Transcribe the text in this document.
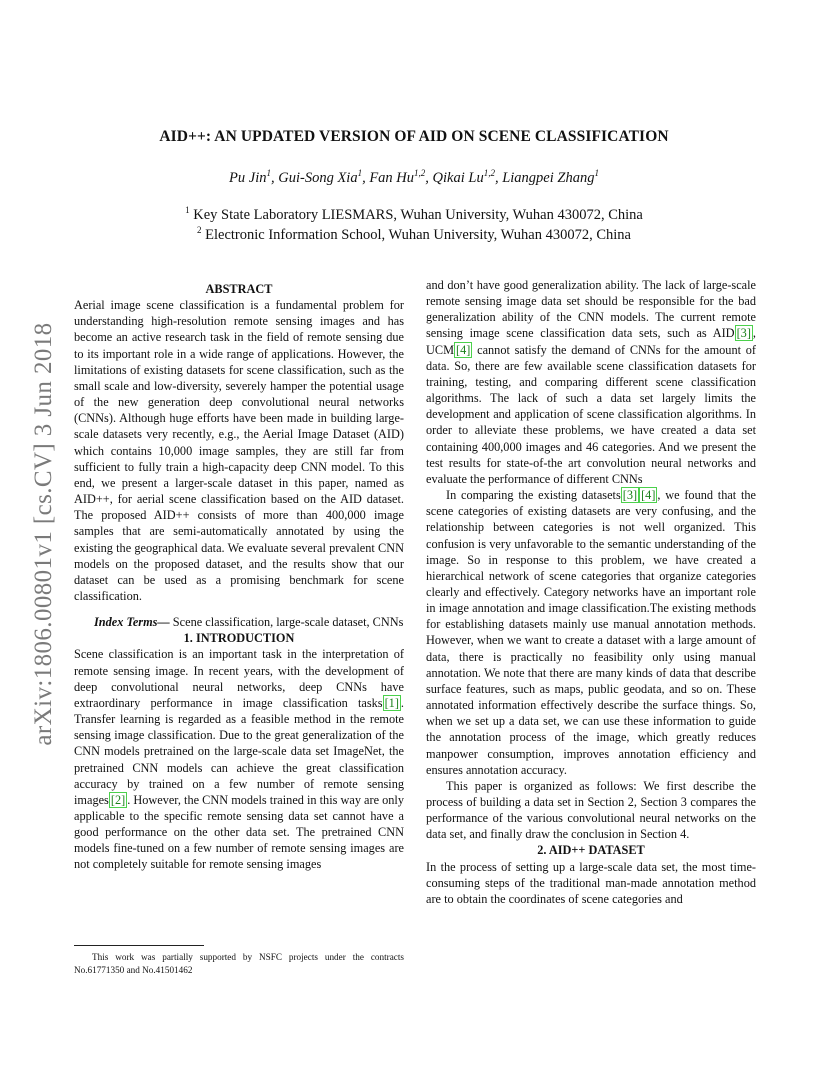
AID++: AN UPDATED VERSION OF AID ON SCENE CLASSIFICATION
Pu Jin$^1$, Gui-Song Xia$^1$, Fan Hu$^{1,2}$, Qikai Lu$^{1,2}$, Liangpei Zhang$^1$
$^1$ Key State Laboratory LIESMARS, Wuhan University, Wuhan 430072, China
$^2$ Electronic Information School, Wuhan University, Wuhan 430072, China
arXiv:1806.00801v1 [cs.CV] 3 Jun 2018

ABSTRACT

Aerial image scene classification is a fundamental problem for understanding high-resolution remote sensing images and has become an active research task in the field of remote sensing due to its important role in a wide range of applications. However, the limitations of existing datasets for scene classification, such as the small scale and low-diversity, severely hamper the potential usage of the new generation deep convolutional neural networks (CNNs). Although huge efforts have been made in building large-scale datasets very recently, e.g., the Aerial Image Dataset (AID) which contains 10,000 image samples, they are still far from sufficient to fully train a high-capacity deep CNN model. To this end, we present a larger-scale dataset in this paper, named as AID++, for aerial scene classification based on the AID dataset. The proposed AID++ consists of more than 400,000 image samples that are semi-automatically annotated by using the existing the geographical data. We evaluate several prevalent CNN models on the proposed dataset, and the results show that our dataset can be used as a promising benchmark for scene classification.

Index Terms— Scene classification, large-scale dataset, CNNs

1. INTRODUCTION

Scene classification is an important task in the interpretation of remote sensing image. In recent years, with the development of deep convolutional neural networks, deep CNNs have extraordinary performance in image classification tasks [1] . Transfer learning is regarded as a feasible method in the remote sensing image classification. Due to the great generalization of the CNN models pretrained on the large-scale data set ImageNet, the pretrained CNN models can achieve the great classification accuracy by trained on a few number of remote sensing images [2] . However, the CNN models trained in this way are only applicable to the specific remote sensing data set cannot have a good performance on the other data set. The pretrained CNN models fine-tuned on a few number of remote sensing images are not completely suitable for remote sensing images

This work was partially supported by NSFC projects under the contracts No.61771350 and No.41501462

and don’t have good generalization ability. The lack of large-scale remote sensing image data set should be responsible for the bad generalization ability of the CNN models. The current remote sensing image scene classification data sets, such as AID [3] , UCM [4] cannot satisfy the demand of CNNs for the amount of data. So, there are few available scene classification datasets for training, testing, and comparing different scene classification algorithms. The lack of such a data set largely limits the development and application of scene classification algorithms. In order to alleviate these problems, we have created a data set containing 400,000 images and 46 categories. And we present the test results for state-of-the art convolution neural networks and evaluate the performance of different CNNs

In comparing the existing datasets [3] [4] , we found that the scene categories of existing datasets are very confusing, and the relationship between categories is not well organized. This confusion is very unfavorable to the semantic understanding of the image. So in response to this problem, we have created a hierarchical network of scene categories that organize categories clearly and effectively. Category networks have an important role in image annotation and image classification.The existing methods for establishing datasets mainly use manual annotation methods. However, when we want to create a dataset with a large amount of data, there is practically no feasibility only using manual annotation. We note that there are many kinds of data that describe surface features, such as maps, public geodata, and so on. These annotated information effectively describe the surface things. So, when we set up a data set, we can use these information to guide the annotation process of the image, which greatly reduces manpower consumption, improves annotation efficiency and ensures annotation accuracy.

This paper is organized as follows: We first describe the process of building a data set in Section 2, Section 3 compares the performance of the various convolutional neural networks on the data set, and finally draw the conclusion in Section 4.

2. AID++ DATASET

In the process of setting up a large-scale data set, the most time-consuming steps of the traditional man-made annotation method are to obtain the coordinates of scene categories and
